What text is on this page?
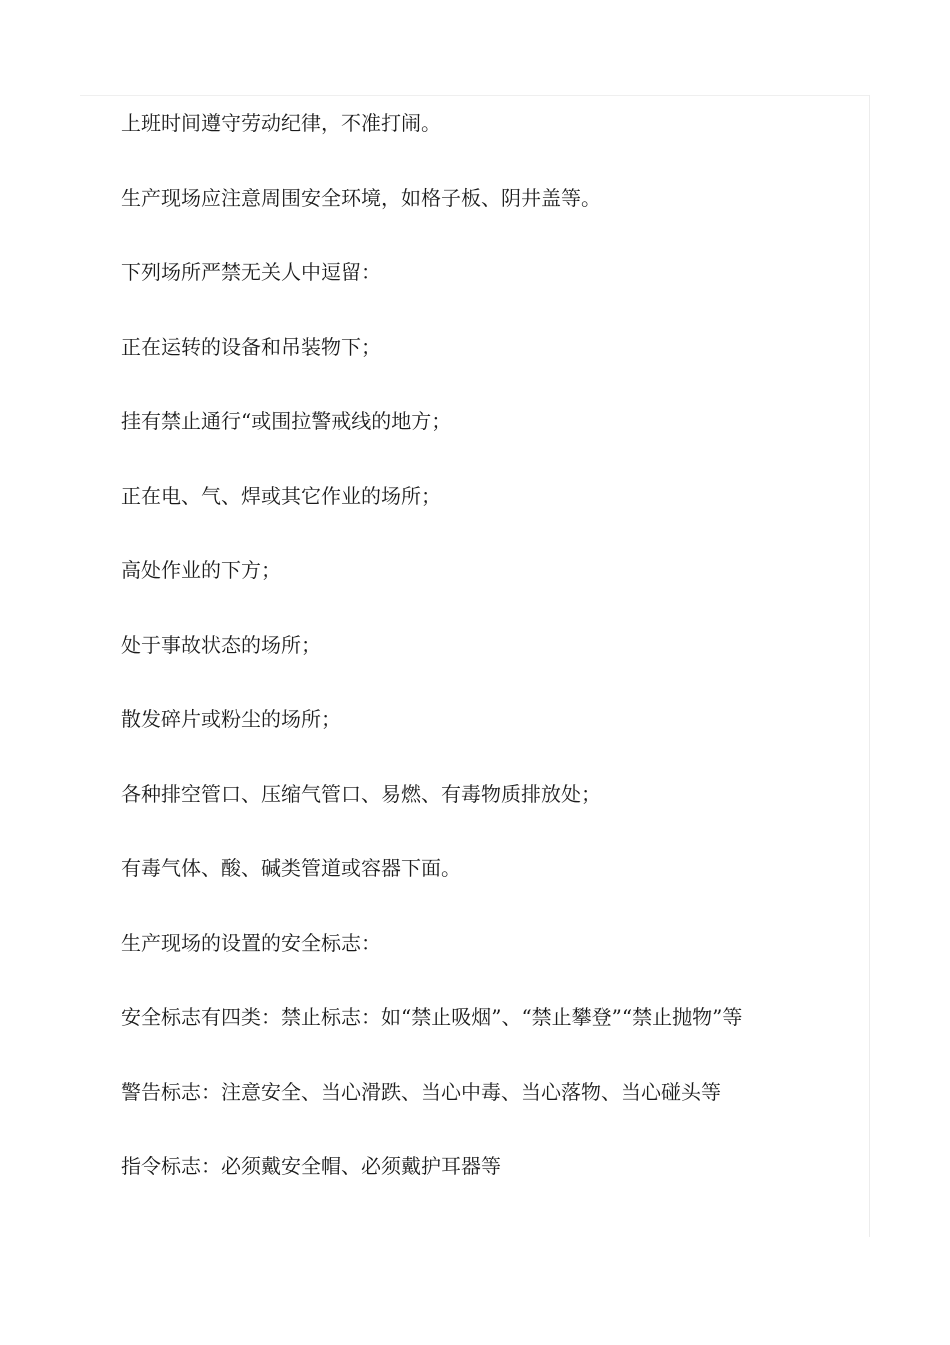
上班时间遵守劳动纪律，不准打闹。

生产现场应注意周围安全环境，如格子板、阴井盖等。

下列场所严禁无关人中逗留：

正在运转的设备和吊装物下；

挂有禁止通行“或围拉警戒线的地方；

正在电、气、焊或其它作业的场所；

高处作业的下方；

处于事故状态的场所；

散发碎片或粉尘的场所；

各种排空管口、压缩气管口、易燃、有毒物质排放处；

有毒气体、酸、碱类管道或容器下面。

生产现场的设置的安全标志：

安全标志有四类：禁止标志：如“禁止吸烟”、“禁止攀登”“禁止抛物”等

警告标志：注意安全、当心滑跌、当心中毒、当心落物、当心碰头等

指令标志：必须戴安全帽、必须戴护耳器等
